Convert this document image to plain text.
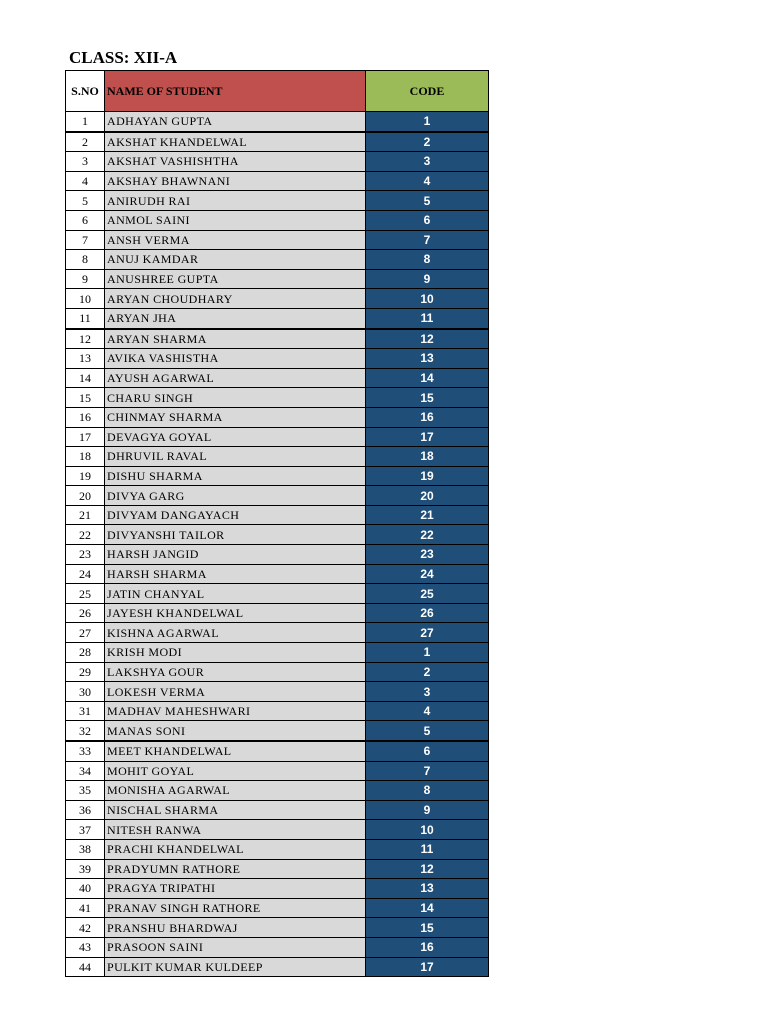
CLASS: XII-A
S.NO	NAME OF STUDENT	CODE
1	ADHAYAN GUPTA	1
2	AKSHAT KHANDELWAL	2
3	AKSHAT VASHISHTHA	3
4	AKSHAY BHAWNANI	4
5	ANIRUDH RAI	5
6	ANMOL SAINI	6
7	ANSH VERMA	7
8	ANUJ KAMDAR	8
9	ANUSHREE GUPTA	9
10	ARYAN CHOUDHARY	10
11	ARYAN JHA	11
12	ARYAN SHARMA	12
13	AVIKA VASHISTHA	13
14	AYUSH AGARWAL	14
15	CHARU SINGH	15
16	CHINMAY SHARMA	16
17	DEVAGYA GOYAL	17
18	DHRUVIL RAVAL	18
19	DISHU SHARMA	19
20	DIVYA GARG	20
21	DIVYAM DANGAYACH	21
22	DIVYANSHI TAILOR	22
23	HARSH JANGID	23
24	HARSH SHARMA	24
25	JATIN CHANYAL	25
26	JAYESH KHANDELWAL	26
27	KISHNA AGARWAL	27
28	KRISH MODI	1
29	LAKSHYA GOUR	2
30	LOKESH VERMA	3
31	MADHAV MAHESHWARI	4
32	MANAS SONI	5
33	MEET KHANDELWAL	6
34	MOHIT GOYAL	7
35	MONISHA AGARWAL	8
36	NISCHAL SHARMA	9
37	NITESH RANWA	10
38	PRACHI KHANDELWAL	11
39	PRADYUMN RATHORE	12
40	PRAGYA TRIPATHI	13
41	PRANAV SINGH RATHORE	14
42	PRANSHU BHARDWAJ	15
43	PRASOON SAINI	16
44	PULKIT KUMAR KULDEEP	17
